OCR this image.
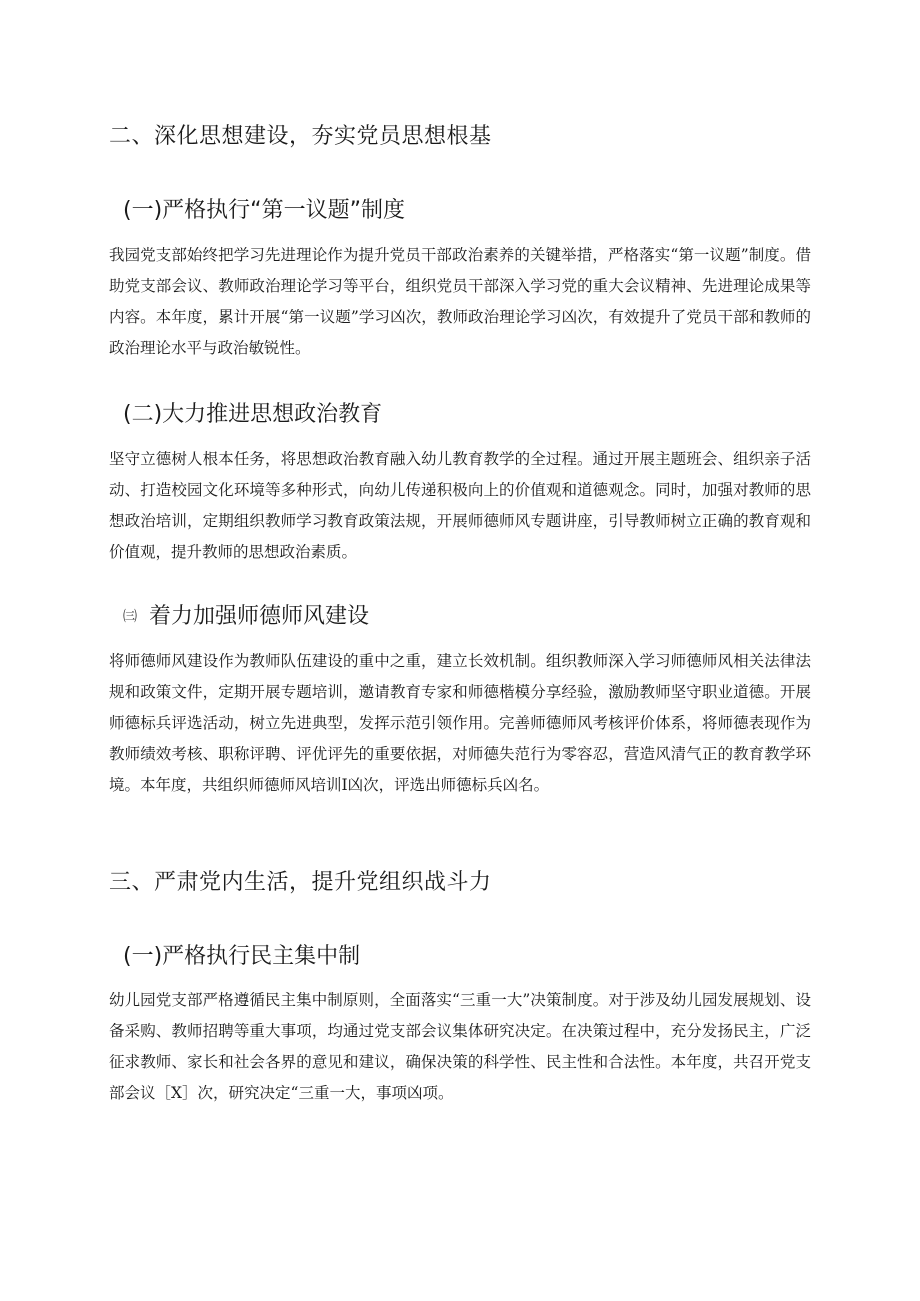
二、深化思想建设，夯实党员思想根基
(一)严格执行“第一议题”制度

我园党支部始终把学习先进理论作为提升党员干部政治素养的关键举措，严格落实“第一议题”制度。借助党支部会议、教师政治理论学习等平台，组织党员干部深入学习党的重大会议精神、先进理论成果等内容。本年度，累计开展“第一议题”学习凶次，教师政治理论学习凶次，有效提升了党员干部和教师的政治理论水平与政治敏锐性。

(二)大力推进思想政治教育

坚守立德树人根本任务，将思想政治教育融入幼儿教育教学的全过程。通过开展主题班会、组织亲子活动、打造校园文化环境等多种形式，向幼儿传递积极向上的价值观和道德观念。同时，加强对教师的思想政治培训，定期组织教师学习教育政策法规，开展师德师风专题讲座，引导教师树立正确的教育观和价值观，提升教师的思想政治素质。

㈢ 着力加强师德师风建设

将师德师风建设作为教师队伍建设的重中之重，建立长效机制。组织教师深入学习师德师风相关法律法规和政策文件，定期开展专题培训，邀请教育专家和师德楷模分享经验，激励教师坚守职业道德。开展师德标兵评选活动，树立先进典型，发挥示范引领作用。完善师德师风考核评价体系，将师德表现作为教师绩效考核、职称评聘、评优评先的重要依据，对师德失范行为零容忍，营造风清气正的教育教学环境。本年度，共组织师德师风培训I凶次，评选出师德标兵凶名。

三、严肃党内生活，提升党组织战斗力
(一)严格执行民主集中制

幼儿园党支部严格遵循民主集中制原则，全面落实“三重一大”决策制度。对于涉及幼儿园发展规划、设备采购、教师招聘等重大事项，均通过党支部会议集体研究决定。在决策过程中，充分发扬民主，广泛征求教师、家长和社会各界的意见和建议，确保决策的科学性、民主性和合法性。本年度，共召开党支部会议［X］次，研究决定“三重一大，事项凶项。
